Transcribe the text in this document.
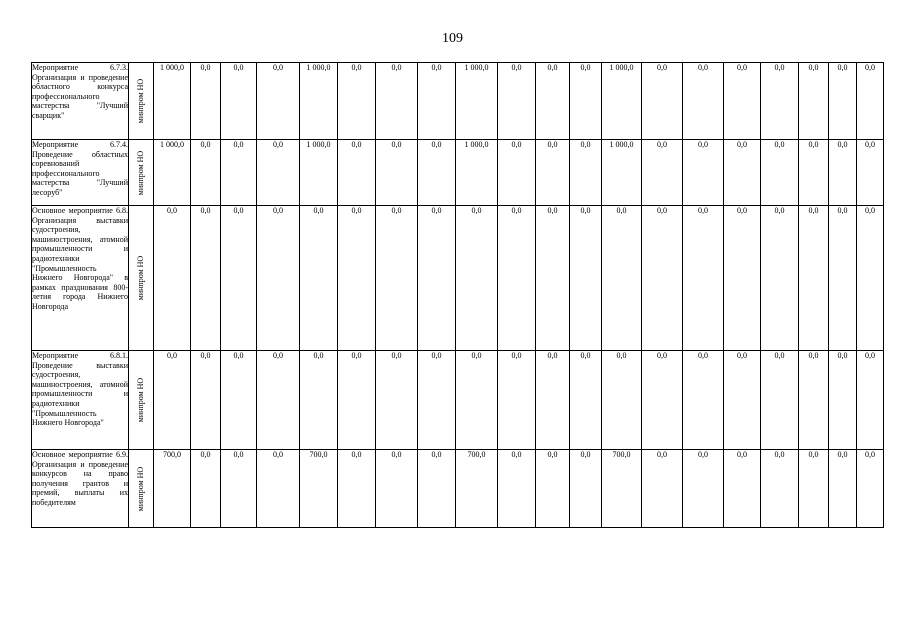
109
Мероприятие 6.7.3. Организация и проведение областного конкурса профессионального мастерства "Лучший сварщик"	минпром НО	1 000,0	0,0	0,0	0,0	1 000,0	0,0	0,0	0,0	1 000,0	0,0	0,0	0,0	1 000,0	0,0	0,0	0,0	0,0	0,0	0,0	0,0
Мероприятие 6.7.4. Проведение областных соревнований профессионального мастерства "Лучший лесоруб"	минпром НО	1 000,0	0,0	0,0	0,0	1 000,0	0,0	0,0	0,0	1 000,0	0,0	0,0	0,0	1 000,0	0,0	0,0	0,0	0,0	0,0	0,0	0,0
Основное мероприятие 6.8. Организация выставки судостроения, машиностроения, атомной промышленности и радиотехники "Промышленность Нижнего Новгорода" в рамках празднования 800-летия города Нижнего Новгорода	минпром НО	0,0	0,0	0,0	0,0	0,0	0,0	0,0	0,0	0,0	0,0	0,0	0,0	0,0	0,0	0,0	0,0	0,0	0,0	0,0	0,0
Мероприятие 6.8.1. Проведение выставки судостроения, машиностроения, атомной промышленности и радиотехники "Промышленность Нижнего Новгорода"	минпром НО	0,0	0,0	0,0	0,0	0,0	0,0	0,0	0,0	0,0	0,0	0,0	0,0	0,0	0,0	0,0	0,0	0,0	0,0	0,0	0,0
Основное мероприятие 6.9. Организация и проведение конкурсов на право получения грантов и премий, выплаты их победителям	минпром НО	700,0	0,0	0,0	0,0	700,0	0,0	0,0	0,0	700,0	0,0	0,0	0,0	700,0	0,0	0,0	0,0	0,0	0,0	0,0	0,0
